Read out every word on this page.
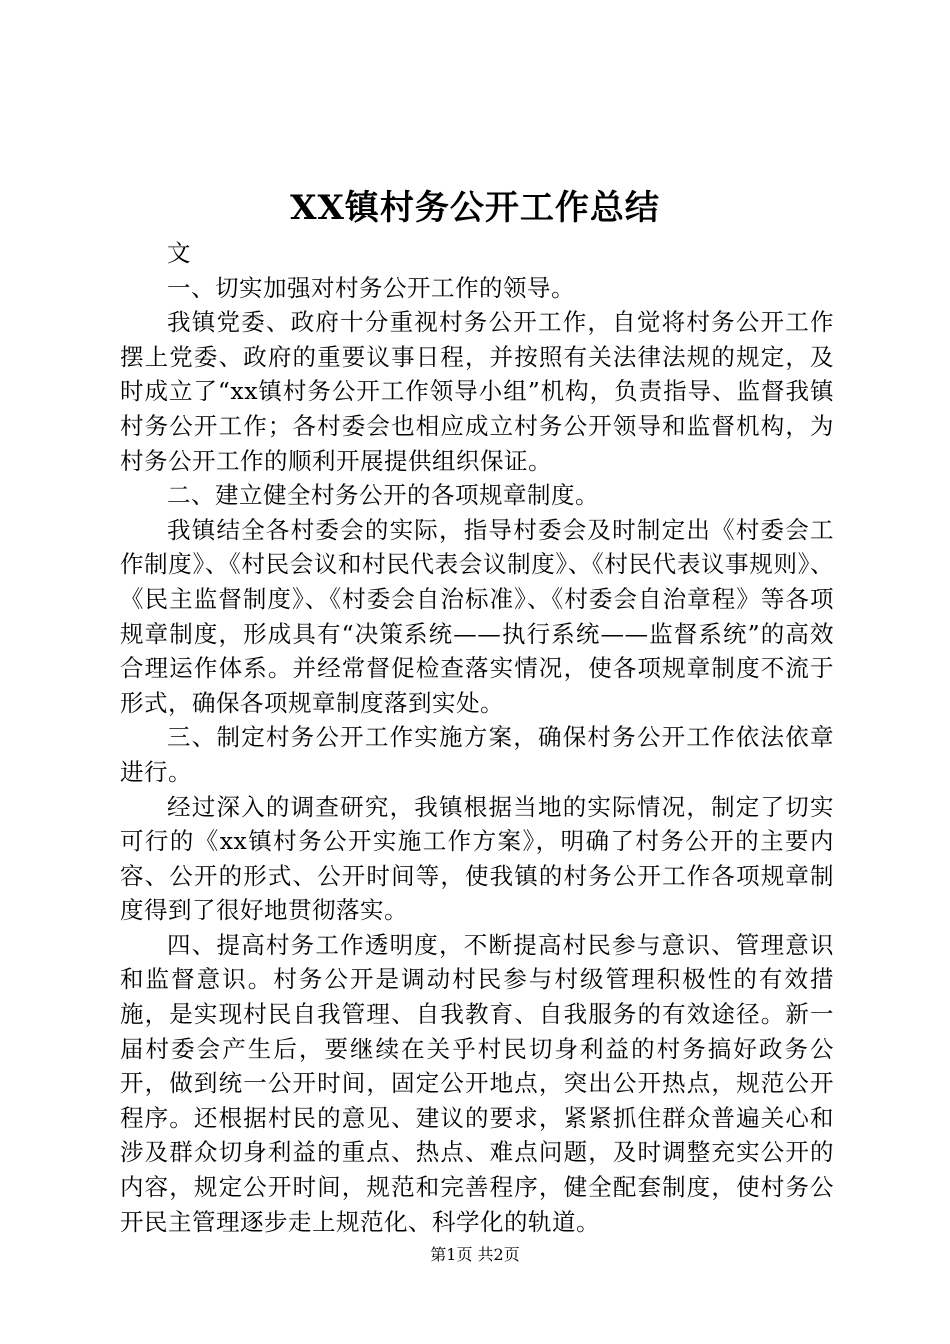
XX镇村务公开工作总结

文

一、切实加强对村务公开工作的领导。

我镇党委、政府十分重视村务公开工作，自觉将村务公开工作摆上党委、政府的重要议事日程，并按照有关法律法规的规定，及时成立了“xx镇村务公开工作领导小组”机构，负责指导、监督我镇村务公开工作；各村委会也相应成立村务公开领导和监督机构，为村务公开工作的顺利开展提供组织保证。

二、建立健全村务公开的各项规章制度。

我镇结全各村委会的实际，指导村委会及时制定出《村委会工作制度》、《村民会议和村民代表会议制度》、《村民代表议事规则》、《民主监督制度》、《村委会自治标准》、《村委会自治章程》等各项规章制度，形成具有“决策系统——执行系统——监督系统”的高效合理运作体系。并经常督促检查落实情况，使各项规章制度不流于形式，确保各项规章制度落到实处。

三、制定村务公开工作实施方案，确保村务公开工作依法依章进行。

经过深入的调查研究，我镇根据当地的实际情况，制定了切实可行的《xx镇村务公开实施工作方案》，明确了村务公开的主要内容、公开的形式、公开时间等，使我镇的村务公开工作各项规章制度得到了很好地贯彻落实。

四、提高村务工作透明度，不断提高村民参与意识、管理意识和监督意识。村务公开是调动村民参与村级管理积极性的有效措施，是实现村民自我管理、自我教育、自我服务的有效途径。新一届村委会产生后，要继续在关乎村民切身利益的村务搞好政务公开，做到统一公开时间，固定公开地点，突出公开热点，规范公开程序。还根据村民的意见、建议的要求，紧紧抓住群众普遍关心和涉及群众切身利益的重点、热点、难点问题，及时调整充实公开的内容，规定公开时间，规范和完善程序，健全配套制度，使村务公开民主管理逐步走上规范化、科学化的轨道。

第1页 共2页
